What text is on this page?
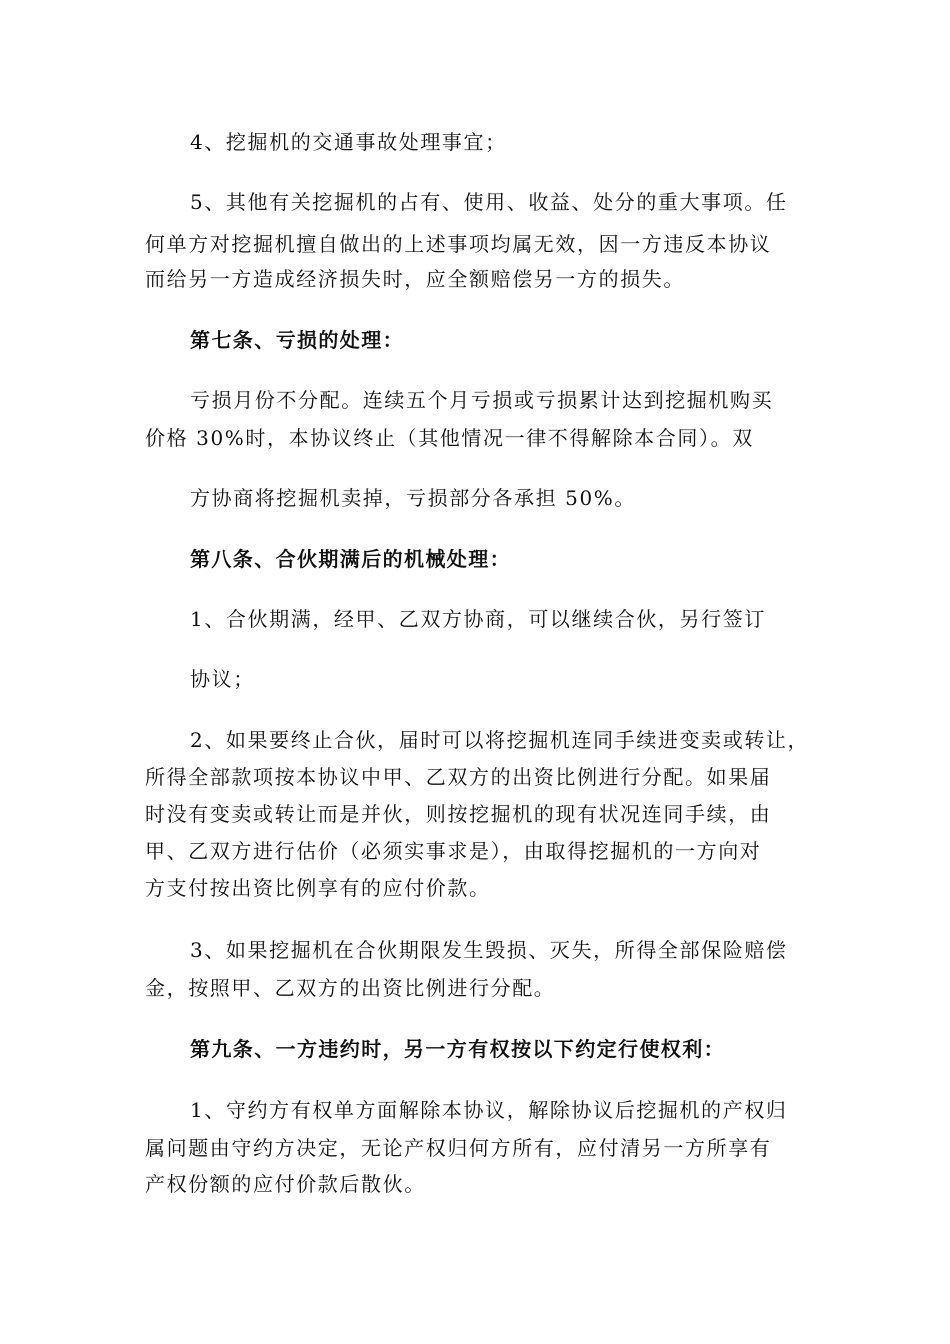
4、挖掘机的交通事故处理事宜；
5、其他有关挖掘机的占有、使用、收益、处分的重大事项。任
何单方对挖掘机擅自做出的上述事项均属无效，因一方违反本协议
而给另一方造成经济损失时，应全额赔偿另一方的损失。
第七条、亏损的处理：
亏损月份不分配。连续五个月亏损或亏损累计达到挖掘机购买
价格 30%时，本协议终止（其他情况一律不得解除本合同）。双
方协商将挖掘机卖掉，亏损部分各承担 50%。
第八条、合伙期满后的机械处理：
1、合伙期满，经甲、乙双方协商，可以继续合伙，另行签订
协议；
2、如果要终止合伙，届时可以将挖掘机连同手续进变卖或转让，
所得全部款项按本协议中甲、乙双方的出资比例进行分配。如果届
时没有变卖或转让而是并伙，则按挖掘机的现有状况连同手续，由
甲、乙双方进行估价（必须实事求是），由取得挖掘机的一方向对
方支付按出资比例享有的应付价款。
3、如果挖掘机在合伙期限发生毁损、灭失，所得全部保险赔偿
金，按照甲、乙双方的出资比例进行分配。
第九条、一方违约时，另一方有权按以下约定行使权利：
1、守约方有权单方面解除本协议，解除协议后挖掘机的产权归
属问题由守约方决定，无论产权归何方所有，应付清另一方所享有
产权份额的应付价款后散伙。
